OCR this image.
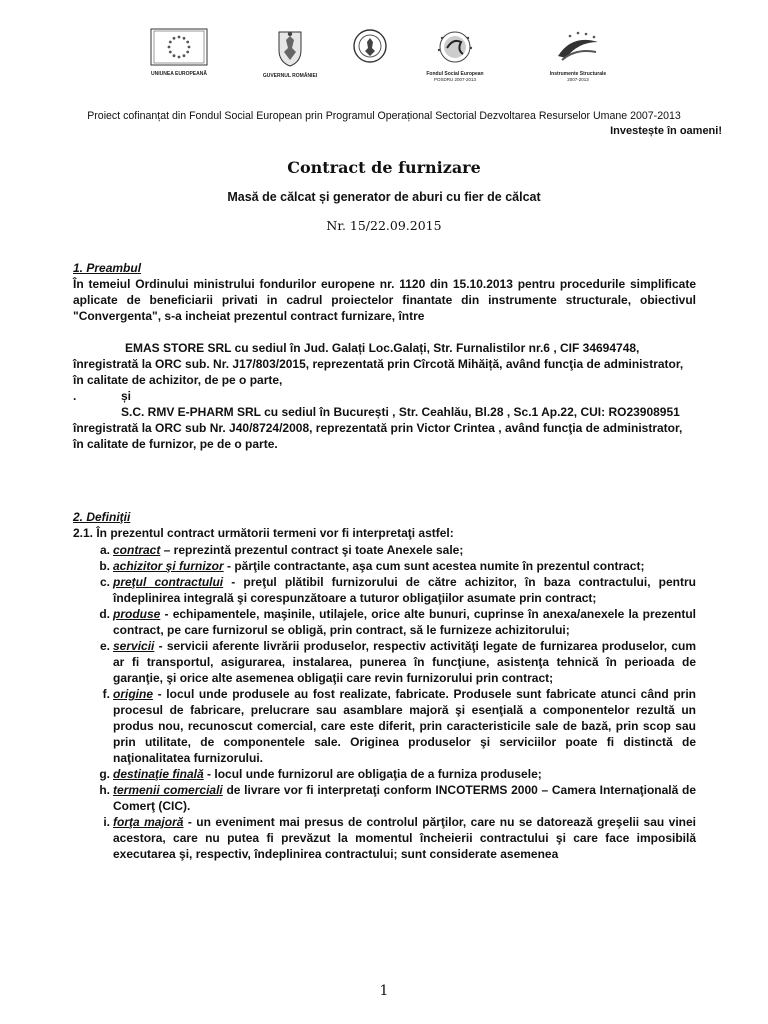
UNIUNEA EUROPEANĂ	GUVERNUL ROMÂNIEI	Fondul Social European
POSDRU 2007-2013
Instrumente Structurale
2007-2013
Proiect cofinanțat din Fondul Social European prin Programul Operațional Sectorial Dezvoltarea Resurselor Umane 2007-2013
Investește în oameni!
Contract de furnizare
Masă de călcat și generator de aburi cu fier de călcat
Nr. 15/22.09.2015
1. Preambul
În temeiul Ordinului ministrului fondurilor europene nr. 1120 din 15.10.2013 pentru procedurile simplificate aplicate de beneficiarii privati in cadrul proiectelor finantate din instrumente structurale, obiectivul "Convergenta", s-a incheiat prezentul contract furnizare, între
EMAS STORE SRL cu sediul în Jud. Galați Loc.Galați, Str. Furnalistilor nr.6 , CIF 34694748, înregistrată la ORC sub. Nr. J17/803/2015, reprezentată prin Cîrcotă Mihăiță, având funcţia de administrator, în calitate de achizitor, de pe o parte,
.	și
S.C. RMV E-PHARM SRL cu sediul în București , Str. Ceahlău, Bl.28 , Sc.1 Ap.22, CUI: RO23908951 înregistrată la ORC sub Nr. J40/8724/2008, reprezentată prin Victor Crintea , având funcţia de administrator, în calitate de furnizor, pe de o parte.
2. Definiţii
2.1. În prezentul contract următorii termeni vor fi interpretaţi astfel:
a. contract – reprezintă prezentul contract şi toate Anexele sale;
b. achizitor şi furnizor - părţile contractante, aşa cum sunt acestea numite în prezentul contract;
c. preţul contractului - preţul plătibil furnizorului de către achizitor, în baza contractului, pentru îndeplinirea integrală şi corespunzătoare a tuturor obligaţiilor asumate prin contract;
d. produse - echipamentele, maşinile, utilajele, orice alte bunuri, cuprinse în anexa/anexele la prezentul contract, pe care furnizorul se obligă, prin contract, să le furnizeze achizitorului;
e. servicii - servicii aferente livrării produselor, respectiv activităţi legate de furnizarea produselor, cum ar fi transportul, asigurarea, instalarea, punerea în funcţiune, asistenţa tehnică în perioada de garanţie, şi orice alte asemenea obligaţii care revin furnizorului prin contract;
f. origine - locul unde produsele au fost realizate, fabricate. Produsele sunt fabricate atunci când prin procesul de fabricare, prelucrare sau asamblare majoră şi esenţială a componentelor rezultă un produs nou, recunoscut comercial, care este diferit, prin caracteristicile sale de bază, prin scop sau prin utilitate, de componentele sale. Originea produselor şi serviciilor poate fi distinctă de naţionalitatea furnizorului.
g. destinaţie finală - locul unde furnizorul are obligaţia de a furniza produsele;
h. termenii comerciali de livrare vor fi interpretaţi conform INCOTERMS 2000 – Camera Internaţională de Comerţ (CIC).
i. forţa majoră - un eveniment mai presus de controlul părţilor, care nu se datorează greşelii sau vinei acestora, care nu putea fi prevăzut la momentul încheierii contractului şi care face imposibilă executarea şi, respectiv, îndeplinirea contractului; sunt considerate asemenea
1
